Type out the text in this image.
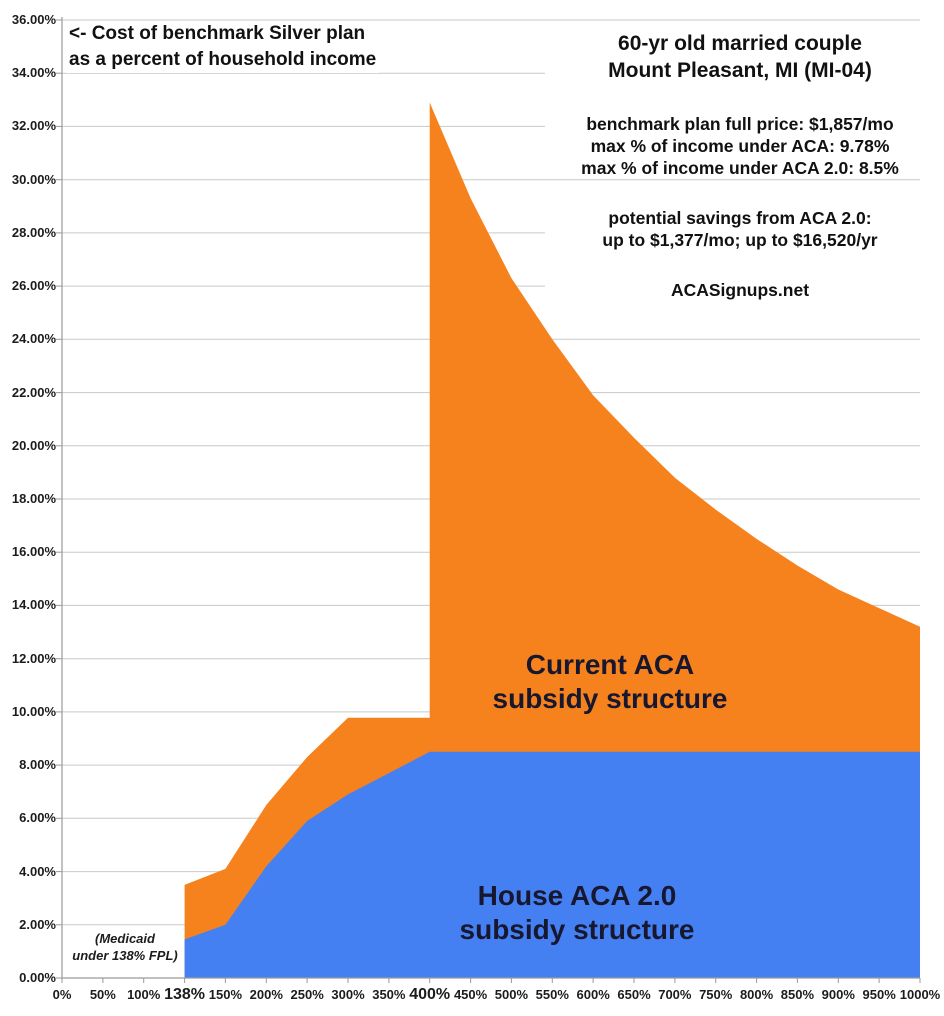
0.00%
2.00%
4.00%
6.00%
8.00%
10.00%
12.00%
14.00%
16.00%
18.00%
20.00%
22.00%
24.00%
26.00%
28.00%
30.00%
32.00%
34.00%
36.00%
0%	50% 100% 138% 150% 200% 250% 300% 350% 400% 450% 500% 550% 600% 650% 700% 750% 800% 850% 900% 950% 1000%
<- Cost of benchmark Silver plan
as a percent of household income
60-yr old married couple
Mount Pleasant, MI (MI-04)
benchmark plan full price: $1,857/mo
max % of income under ACA: 9.78%
max % of income under ACA 2.0: 8.5%
potential savings from ACA 2.0:
up to $1,377/mo; up to $16,520/yr
ACASignups.net
Current ACA
subsidy structure
House ACA 2.0
subsidy structure
(Medicaid
under 138% FPL)
